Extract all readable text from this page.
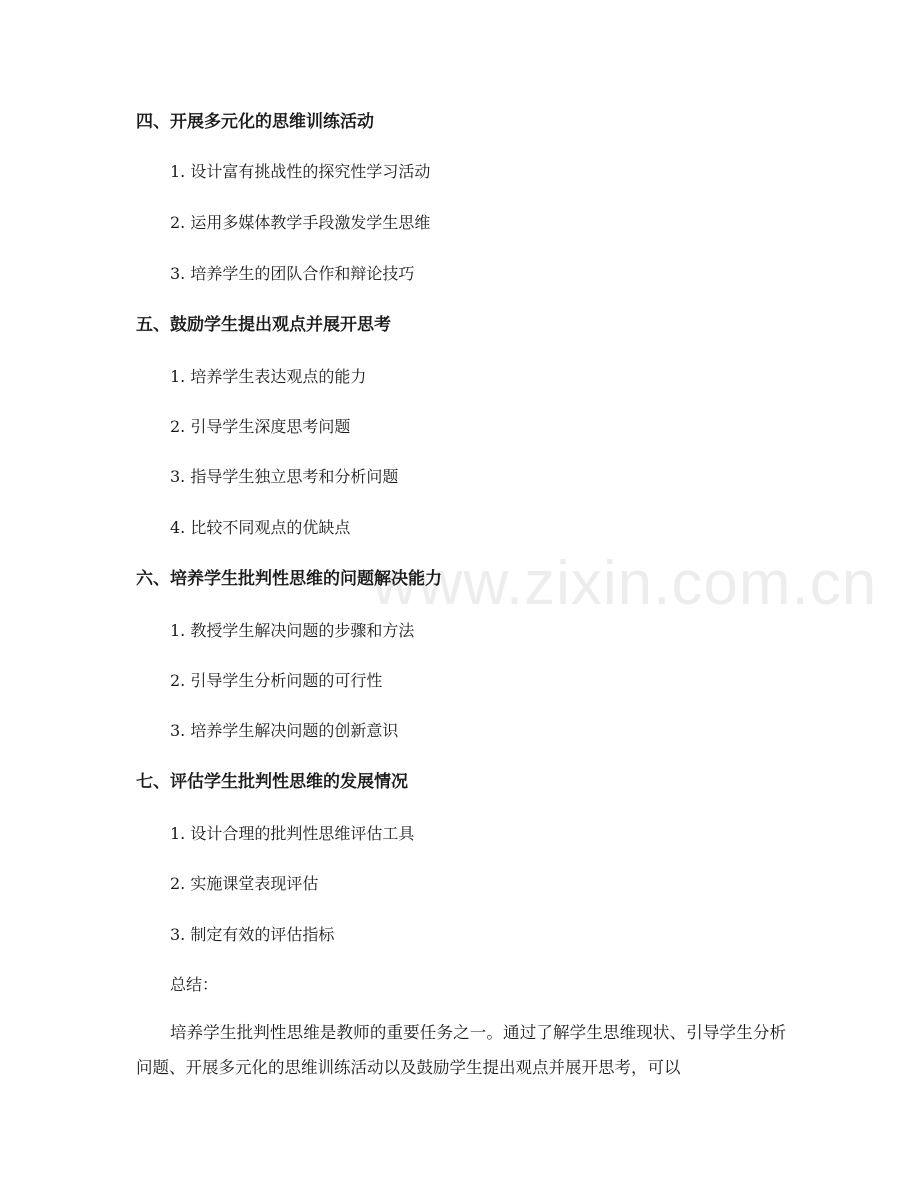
www.zixin.com.cn

四、开展多元化的思维训练活动

1. 设计富有挑战性的探究性学习活动

2. 运用多媒体教学手段激发学生思维

3. 培养学生的团队合作和辩论技巧

五、鼓励学生提出观点并展开思考

1. 培养学生表达观点的能力

2. 引导学生深度思考问题

3. 指导学生独立思考和分析问题

4. 比较不同观点的优缺点

六、培养学生批判性思维的问题解决能力

1. 教授学生解决问题的步骤和方法

2. 引导学生分析问题的可行性

3. 培养学生解决问题的创新意识

七、评估学生批判性思维的发展情况

1. 设计合理的批判性思维评估工具

2. 实施课堂表现评估

3. 制定有效的评估指标

总结：

培养学生批判性思维是教师的重要任务之一。通过了解学生思维现状、引导学生分析问题、开展多元化的思维训练活动以及鼓励学生提出观点并展开思考，可以
